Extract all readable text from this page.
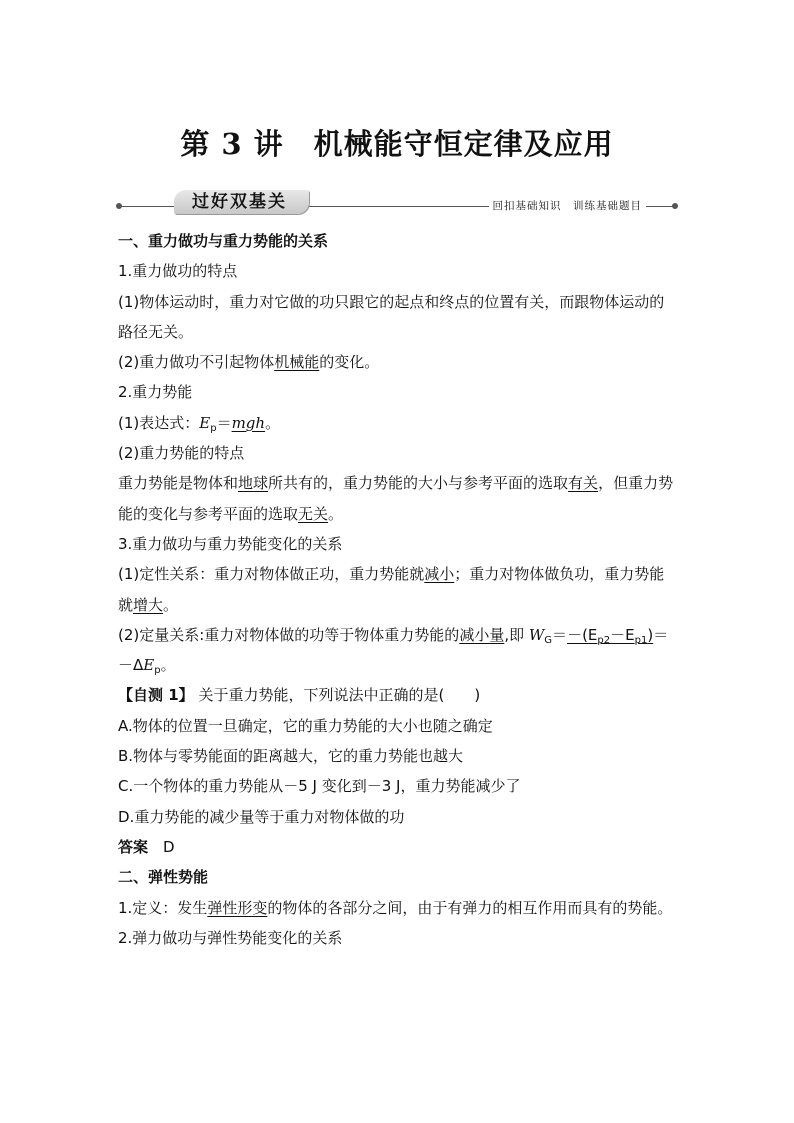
第 3 讲　机械能守恒定律及应用
过好双基关	回扣基础知识　训练基础题目

一、重力做功与重力势能的关系

1.重力做功的特点

(1)物体运动时，重力对它做的功只跟它的起点和终点的位置有关，而跟物体运动的路径无关。

(2)重力做功不引起物体机械能的变化。

2.重力势能

(1)表达式：$E_p=mgh$。

(2)重力势能的特点

重力势能是物体和地球所共有的，重力势能的大小与参考平面的选取有关，但重力势能的变化与参考平面的选取无关。

3.重力做功与重力势能变化的关系

(1)定性关系：重力对物体做正功，重力势能就减小；重力对物体做负功，重力势能就增大。

(2)定量关系:重力对物体做的功等于物体重力势能的减小量,即 $W_G=-(E_{p2}-E_{p1})=-\Delta E_p$。

【自测 1】 关于重力势能，下列说法中正确的是( )

A.物体的位置一旦确定，它的重力势能的大小也随之确定

B.物体与零势能面的距离越大，它的重力势能也越大

C.一个物体的重力势能从－5 J 变化到－3 J，重力势能减少了

D.重力势能的减少量等于重力对物体做的功

答案　 D

二、弹性势能

1.定义：发生弹性形变的物体的各部分之间，由于有弹力的相互作用而具有的势能。

2.弹力做功与弹性势能变化的关系
